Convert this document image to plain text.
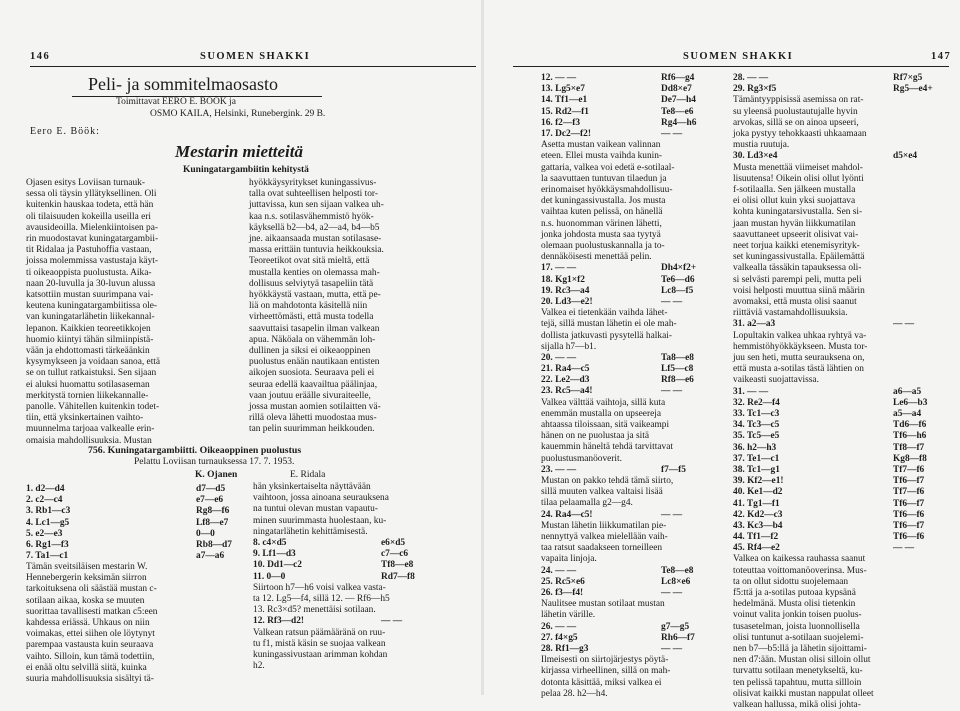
146	SUOMEN SHAKKI
Peli- ja sommitelmaosasto
Toimittavat EERO E. BÖÖK ja
OSMO KAILA, Helsinki, Runebergink. 29 B.
Eero E. Böök:
Mestarin mietteitä
Kuningatargambiitin kehitystä

Ojasen esitys Loviisan turnauk-

sessa oli täysin yllätyksellinen. Oli

kuitenkin hauskaa todeta, että hän

oli tilaisuuden kokeilla useilla eri

avausideoilla. Mielenkiintoisen pa-

rin muodostavat kuningatargambii-

tit Ridalaa ja Pastuhoffia vastaan,

joissa molemmissa vastustaja käyt-

ti oikeaoppista puolustusta. Aika-

naan 20-luvulla ja 30-luvun alussa

katsottiin mustan suurimpana vai-

keutena kuningatargambiitissa ole-

van kuningatarlähetin liikekannal-

lepanon. Kaikkien teoreetikkojen

huomio kiintyi tähän silmiinpistä-

vään ja ehdottomasti tärkeäänkin

kysymykseen ja voidaan sanoa, että

se on tullut ratkaistuksi. Sen sijaan

ei aluksi huomattu sotilasaseman

merkitystä tornien liikekannalle-

panolle. Vähitellen kuitenkin todet-

tiin, että yksinkertainen vaihto-

muunnelma tarjoaa valkealle erin-

omaisia mahdollisuuksia. Mustan

hyökkäysyritykset kuningassivus-

talla ovat suhteellisen helposti tor-

juttavissa, kun sen sijaan valkea uh-

kaa n.s. sotilasvähemmistö hyök-

käyksellä b2—b4, a2—a4, b4—b5

jne. aikaansaada mustan sotilasase-

massa erittäin tuntuvia heikkouksia.

Teoreetikot ovat sitä mieltä, että

mustalla kenties on olemassa mah-

dollisuus selviytyä tasapeliin tätä

hyökkäystä vastaan, mutta, että pe-

liä on mahdotonta käsitellä niin

virheettömästi, että musta todella

saavuttaisi tasapelin ilman valkean

apua. Näköala on vähemmän loh-

dullinen ja siksi ei oikeaoppinen

puolustus enään nautikaan entisten

aikojen suosiota. Seuraava peli ei

seuraa edellä kaavailtua päälinjaa,

vaan joutuu eräälle sivuraiteelle,

jossa mustan aomien sotilaitten vä-

rillä oleva lähetti muodostaa mus-

tan pelin suurimman heikkouden.

756. Kuningatargambiitti. Oikeaoppinen puolustus
Pelattu Loviisan turnauksessa 17. 7. 1953.
K. Ojanen	E. Ridala
1. d2—d4	d7—d5
2. c2—c4	e7—e6
3. Rb1—c3	Rg8—f6
4. Lc1—g5	Lf8—e7
5. e2—e3	0—0
6. Rg1—f3	Rb8—d7
7. Ta1—c1	a7—a6

Tämän sveitsiläisen mestarin W.

Hennebergerin keksimän siirron

tarkoituksena oli säästää mustan c-

sotilaan aikaa, koska se muuten

suorittaa tavallisesti matkan c5:een

kahdessa eriässä. Uhkaus on niin

voimakas, ettei siihen ole löytynyt

parempaa vastausta kuin seuraava

vaihto. Silloin, kun tämä todettiin,

ei enää oltu selvillä siitä, kuinka

suuria mahdollisuuksia sisältyi tä-

hän yksinkertaiselta näyttävään

vaihtoon, jossa ainoana seurauksena

na tuntui olevan mustan vapautu-

minen suurimmasta huolestaan, ku-

ningatarlähetin kehittämisestä.

8. c4×d5	e6×d5
9. Lf1—d3	c7—c6
10. Dd1—c2	Tf8—e8
11. 0—0	Rd7—f8

Siirtoon h7—h6 voisi valkea vasta-

ta 12. Lg5—f4, sillä 12. — Rf6—h5

13. Rc3×d5? menettäisi sotilaan.

12. Rf3—d2!	— —

Valkean ratsun päämääränä on ruu-

tu f1, mistä käsin se suojaa valkean

kuningassivustaan arimman kohdan

h2.

SUOMEN SHAKKI	147
12. — —	Rf6—g4
13. Lg5×e7	Dd8×e7
14. Tf1—e1	De7—h4
15. Rd2—f1	Te8—e6
16. f2—f3	Rg4—h6
17. Dc2—f2!	— —

Asetta mustan vaikean valinnan

eteen. Ellei musta vaihda kunin-

gattaria, valkea voi edetä e-sotilaal-

la saavuttaen tuntuvan tilaedun ja

erinomaiset hyökkäysmahdollisuu-

det kuningassivustalla. Jos musta

vaihtaa kuten pelissä, on hänellä

n.s. huonomman värinen lähetti,

jonka johdosta musta saa tyytyä

olemaan puolustuskannalla ja to-

dennäköisesti menettää pelin.

17. — —	Dh4×f2+
18. Kg1×f2	Te6—d6
19. Rc3—a4	Lc8—f5
20. Ld3—e2!	— —

Valkea ei tietenkään vaihda lähet-

tejä, sillä mustan lähetin ei ole mah-

dollista jatkuvasti pysytellä halkai-

sijalla h7—b1.

20. — —	Ta8—e8
21. Ra4—c5	Lf5—c8
22. Le2—d3	Rf8—e6
23. Rc5—a4!	— —

Valkea välttää vaihtoja, sillä kuta

enemmän mustalla on upseereja

ahtaassa tiloissaan, sitä vaikeampi

hänen on ne puolustaa ja sitä

kauemmin häneltä tehdä tarvittavat

puolustusmanöoverit.

23. — —	f7—f5

Mustan on pakko tehdä tämä siirto,

sillä muuten valkea valtaisi lisää

tilaa pelaamalla g2—g4.

24. Ra4—c5!	— —

Mustan lähetin liikkumatilan pie-

nennyttyä valkea mielellään vaih-

taa ratsut saadakseen torneilleen

vapaita linjoja.

24. — —	Te8—e8
25. Rc5×e6	Lc8×e6
26. f3—f4!	— —

Naulitsee mustan sotilaat mustan

lähetin värille.

26. — —	g7—g5
27. f4×g5	Rh6—f7
28. Rf1—g3	— —

Ilmeisesti on siirtojärjestys pöytä-

kirjassa virheellinen, sillä on mah-

dotonta käsittää, miksi valkea ei

pelaa 28. h2—h4.

28. — —	Rf7×g5
29. Rg3×f5	Rg5—e4+

Tämäntyyppisissä asemissa on rat-

su yleensä puolustautujalle hyvin

arvokas, sillä se on ainoa upseeri,

joka pystyy tehokkaasti uhkaamaan

mustia ruutuja.

30. Ld3×e4	d5×e4

Musta menettää viimeiset mahdol-

lisuutensa! Oikein olisi ollut lyönti

f-sotilaalla. Sen jälkeen mustalla

ei olisi ollut kuin yksi suojattava

kohta kuningatarsivustalla. Sen si-

jaan mustan hyvän liikkumatilan

saavuttaneet upseerit olisivat vai-

neet torjua kaikki etenemisyrityk-

set kuningassivustalla. Epäilemättä

valkealla tässäkin tapauksessa oli-

si selvästi parempi peli, mutta peli

voisi helposti muuttua siinä määrin

avomaksi, että musta olisi saanut

riittäviä vastamahdollisuuksia.

31. a2—a3	— —

Lopultakin valkea uhkaa ryhtyä va-

hemmistöhyökkäykseen. Musta tor-

juu sen heti, mutta seurauksena on,

että musta a-sotilas tästä lähtien on

vaikeasti suojattavissa.

31. — —	a6—a5
32. Re2—f4	Le6—b3
33. Tc1—c3	a5—a4
34. Tc3—c5	Td6—f6
35. Tc5—e5	Tf6—h6
36. h2—h3	Tf8—f7
37. Te1—c1	Kg8—f8
38. Tc1—g1	Tf7—f6
39. Kf2—e1!	Tf6—f7
40. Ke1—d2	Tf7—f6
41. Tg1—f1	Tf6—f7
42. Kd2—c3	Tf6—f6
43. Kc3—b4	Tf6—f7
44. Tf1—f2	Tf6—f6
45. Rf4—e2	— —

Valkea on kaikessa rauhassa saanut

toteuttaa voittomanöoverinsa. Mus-

ta on ollut sidottu suojelemaan

f5:ttä ja a-sotilas putoaa kypsänä

hedelmänä. Musta olisi tietenkin

voinut valita jonkin toisen puolus-

tusasetelman, joista luonnollisella

olisi tuntunut a-sotilaan suojelemi-

nen b7—b5:llä ja lähetin sijoittami-

nen d7:ään. Mustan olisi silloin ollut

turvattu sotilaan menetykseltä, ku-

ten pelissä tapahtuu, mutta sillloin

olisivat kaikki mustan nappulat olleet

valkean hallussa, mikä olisi johta-
